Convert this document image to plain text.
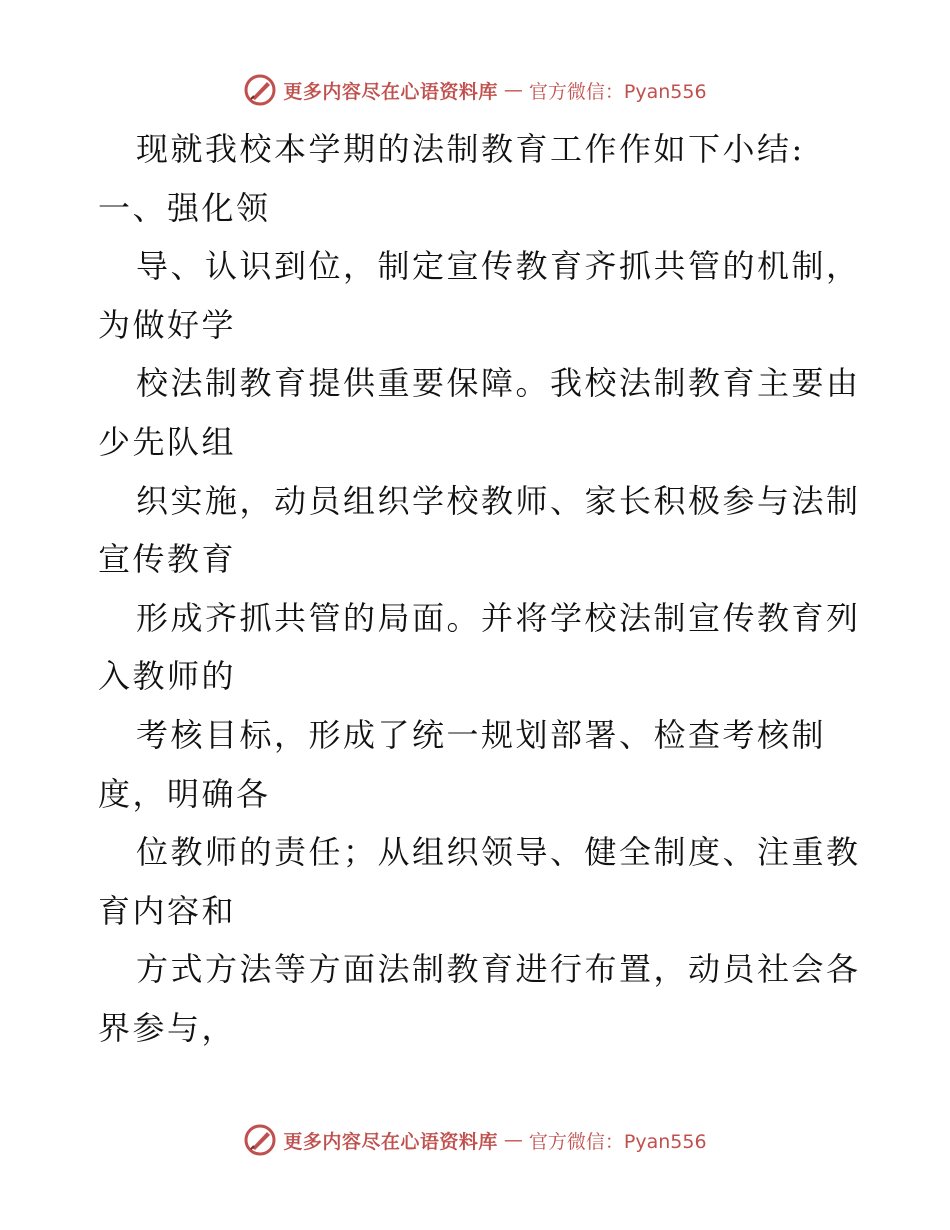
更多内容尽在心语资料库 — 官方微信：Pyan556
现就我校本学期的法制教育工作作如下小结:
一、强化领
导、认识到位，制定宣传教育齐抓共管的机制，
为做好学
校法制教育提供重要保障。我校法制教育主要由
少先队组
织实施，动员组织学校教师、家长积极参与法制
宣传教育
形成齐抓共管的局面。并将学校法制宣传教育列
入教师的
考核目标，形成了统一规划部署、检查考核制
度，明确各
位教师的责任；从组织领导、健全制度、注重教
育内容和
方式方法等方面法制教育进行布置，动员社会各
界参与，
更多内容尽在心语资料库 — 官方微信：Pyan556
